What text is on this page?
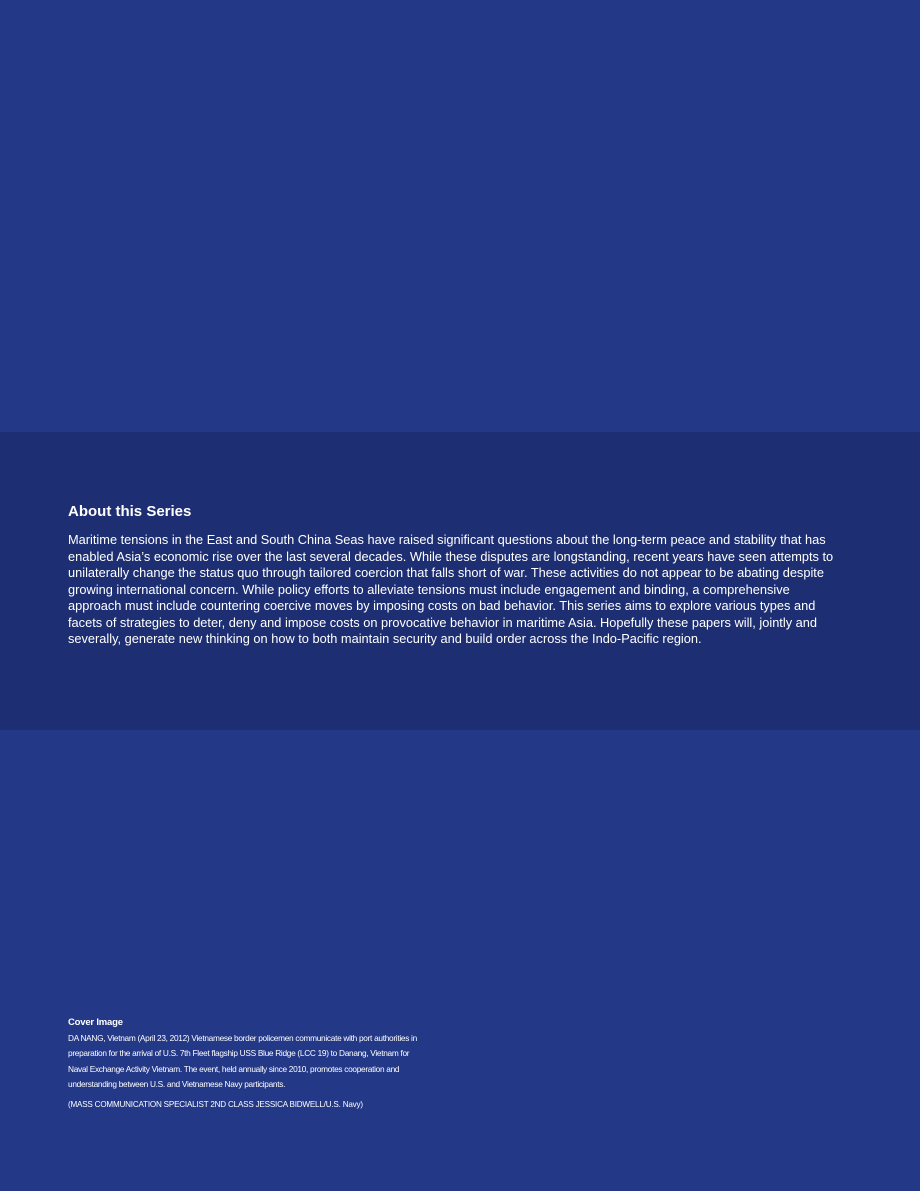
About this Series

Maritime tensions in the East and South China Seas have raised significant questions about the long-term peace and stability that has enabled Asia’s economic rise over the last several decades. While these disputes are longstanding, recent years have seen attempts to unilaterally change the status quo through tailored coercion that falls short of war. These activities do not appear to be abating despite growing international concern. While policy efforts to alleviate tensions must include engagement and binding, a comprehensive approach must include countering coercive moves by imposing costs on bad behavior. This series aims to explore various types and facets of strategies to deter, deny and impose costs on provocative behavior in maritime Asia. Hopefully these papers will, jointly and severally, generate new thinking on how to both maintain security and build order across the Indo-Pacific region.

Cover Image

DA NANG, Vietnam (April 23, 2012) Vietnamese border policemen communicate with port authorities in preparation for the arrival of U.S. 7th Fleet flagship USS Blue Ridge (LCC 19) to Danang, Vietnam for Naval Exchange Activity Vietnam. The event, held annually since 2010, promotes cooperation and understanding between U.S. and Vietnamese Navy participants.

(MASS COMMUNICATION SPECIALIST 2ND CLASS JESSICA BIDWELL/U.S. Navy)
